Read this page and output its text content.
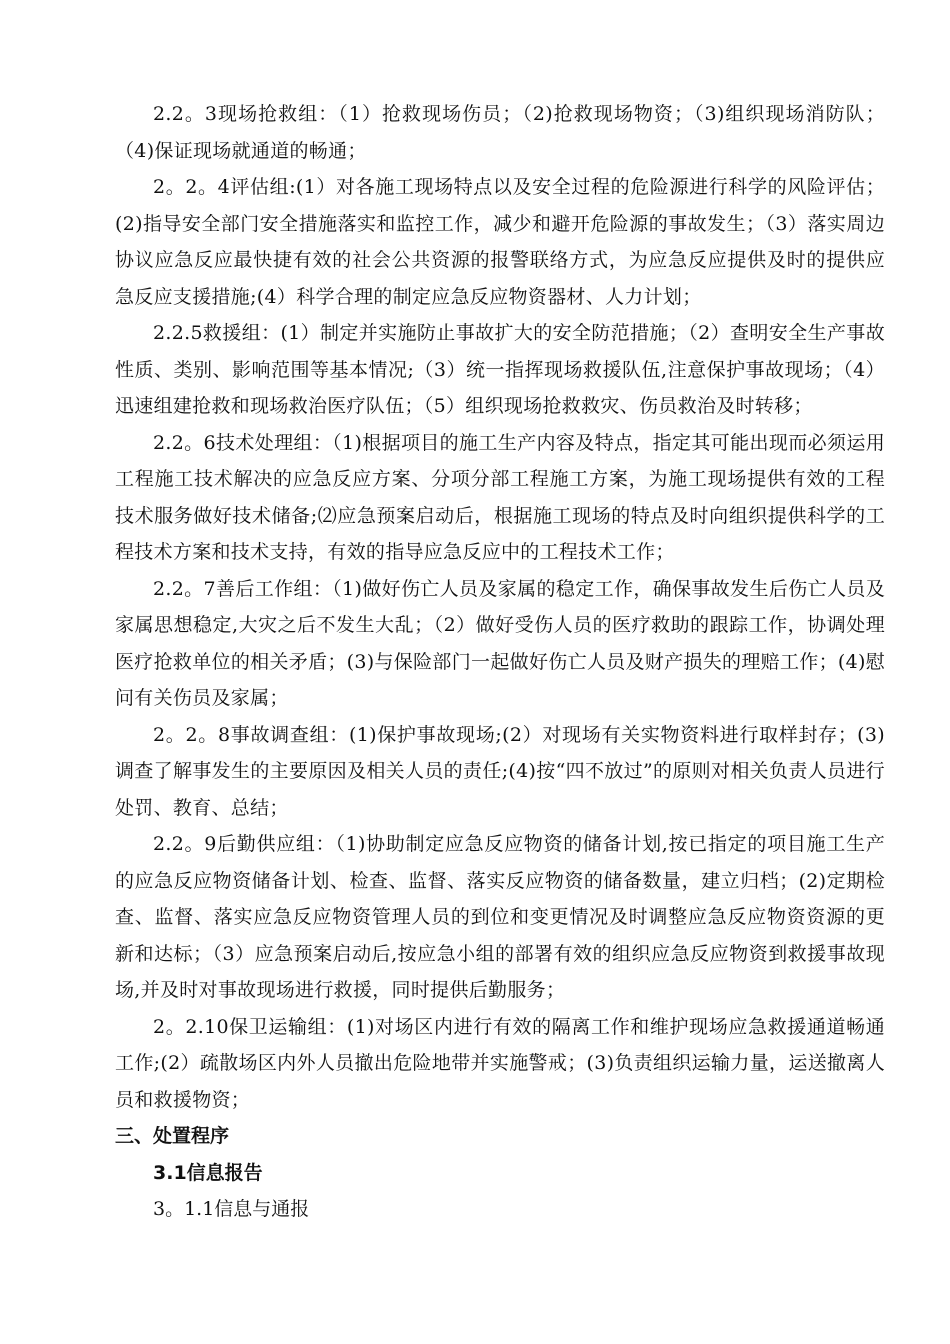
2.2。3现场抢救组：（1）抢救现场伤员；（2)抢救现场物资；（3)组织现场消防队；（4)保证现场就通道的畅通；

2。2。4评估组:(1）对各施工现场特点以及安全过程的危险源进行科学的风险评估；(2)指导安全部门安全措施落实和监控工作，减少和避开危险源的事故发生；（3）落实周边协议应急反应最快捷有效的社会公共资源的报警联络方式，为应急反应提供及时的提供应急反应支援措施;(4）科学合理的制定应急反应物资器材、人力计划；

2.2.5救援组：(1）制定并实施防止事故扩大的安全防范措施；（2）查明安全生产事故性质、类别、影响范围等基本情况;（3）统一指挥现场救援队伍,注意保护事故现场；（4）迅速组建抢救和现场救治医疗队伍；（5）组织现场抢救救灾、伤员救治及时转移；

2.2。6技术处理组：（1)根据项目的施工生产内容及特点，指定其可能出现而必须运用工程施工技术解决的应急反应方案、分项分部工程施工方案，为施工现场提供有效的工程技术服务做好技术储备;⑵应急预案启动后，根据施工现场的特点及时向组织提供科学的工程技术方案和技术支持，有效的指导应急反应中的工程技术工作；

2.2。7善后工作组：（1)做好伤亡人员及家属的稳定工作，确保事故发生后伤亡人员及家属思想稳定,大灾之后不发生大乱；（2）做好受伤人员的医疗救助的跟踪工作，协调处理医疗抢救单位的相关矛盾；(3)与保险部门一起做好伤亡人员及财产损失的理赔工作；(4)慰问有关伤员及家属；

2。2。8事故调查组：(1)保护事故现场;(2）对现场有关实物资料进行取样封存；(3)调查了解事发生的主要原因及相关人员的责任;(4)按“四不放过”的原则对相关负责人员进行处罚、教育、总结；

2.2。9后勤供应组：（1)协助制定应急反应物资的储备计划,按已指定的项目施工生产的应急反应物资储备计划、检查、监督、落实反应物资的储备数量，建立归档；(2)定期检查、监督、落实应急反应物资管理人员的到位和变更情况及时调整应急反应物资资源的更新和达标；（3）应急预案启动后,按应急小组的部署有效的组织应急反应物资到救援事故现场,并及时对事故现场进行救援，同时提供后勤服务；

2。2.10保卫运输组：(1)对场区内进行有效的隔离工作和维护现场应急救援通道畅通工作;(2）疏散场区内外人员撤出危险地带并实施警戒；(3)负责组织运输力量，运送撤离人员和救援物资；

三、处置程序

3.1信息报告

3。1.1信息与通报
